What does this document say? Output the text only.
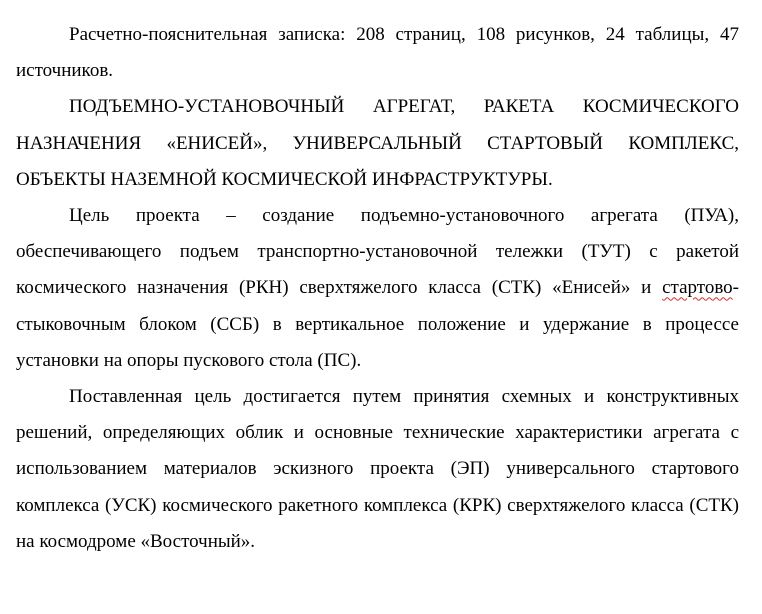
Расчетно-пояснительная записка: 208 страниц, 108 рисунков, 24 таблицы, 47 источников.

ПОДЪЕМНО-УСТАНОВОЧНЫЙ АГРЕГАТ, РАКЕТА КОСМИЧЕСКОГО НАЗНАЧЕНИЯ «ЕНИСЕЙ», УНИВЕРСАЛЬНЫЙ СТАРТОВЫЙ КОМПЛЕКС, ОБЪЕКТЫ НАЗЕМНОЙ КОСМИЧЕСКОЙ ИНФРАСТРУКТУРЫ.

Цель проекта – создание подъемно-установочного агрегата (ПУА), обеспечивающего подъем транспортно-установочной тележки (ТУТ) с ракетой космического назначения (РКН) сверхтяжелого класса (СТК) «Енисей» и стартово-стыковочным блоком (ССБ) в вертикальное положение и удержание в процессе установки на опоры пускового стола (ПС).

Поставленная цель достигается путем принятия схемных и конструктивных решений, определяющих облик и основные технические характеристики агрегата с использованием материалов эскизного проекта (ЭП) универсального стартового комплекса (УСК) космического ракетного комплекса (КРК) сверхтяжелого класса (СТК) на космодроме «Восточный».
